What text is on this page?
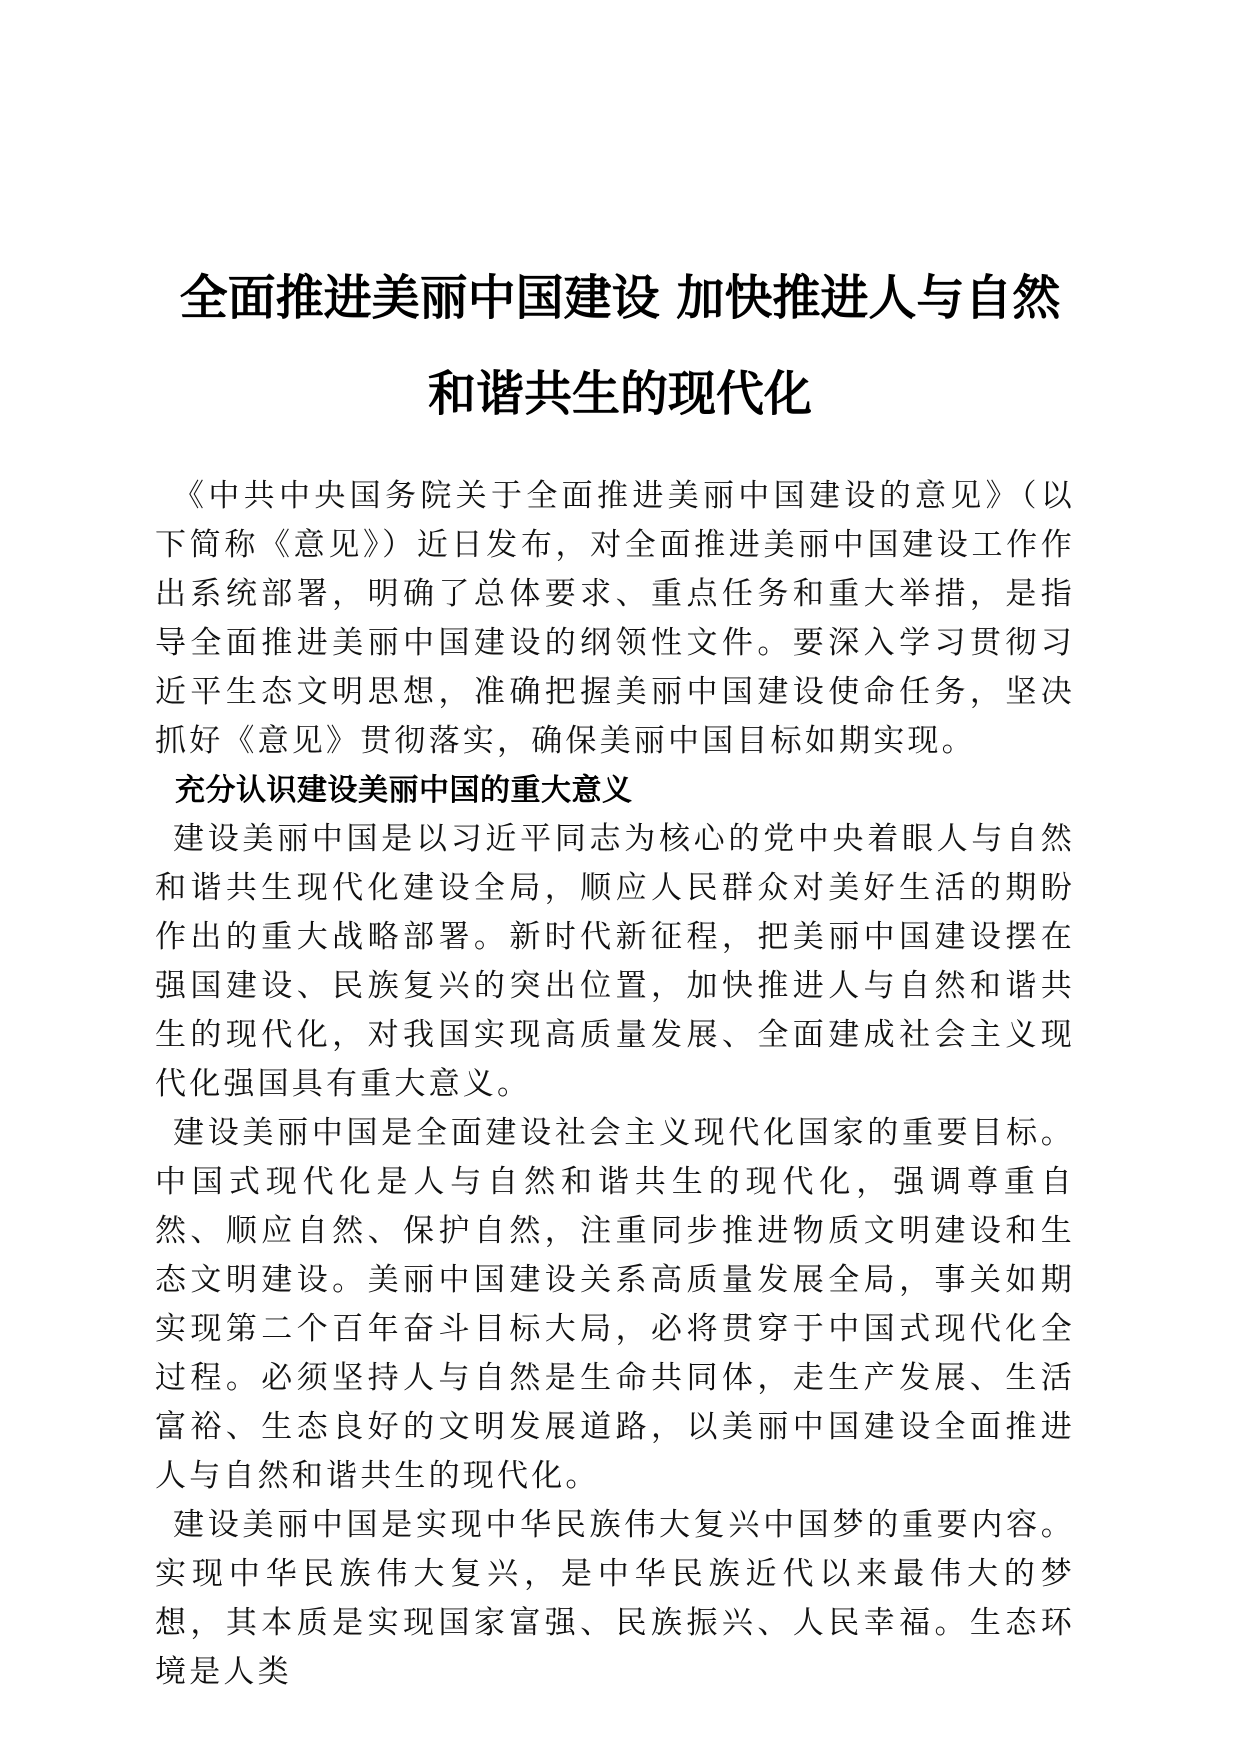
全面推进美丽中国建设 加快推进人与自然
和谐共生的现代化

《中共中央国务院关于全面推进美丽中国建设的意见》（以下简称《意见》）近日发布，对全面推进美丽中国建设工作作出系统部署，明确了总体要求、重点任务和重大举措，是指导全面推进美丽中国建设的纲领性文件。要深入学习贯彻习近平生态文明思想，准确把握美丽中国建设使命任务，坚决抓好《意见》贯彻落实，确保美丽中国目标如期实现。

充分认识建设美丽中国的重大意义

建设美丽中国是以习近平同志为核心的党中央着眼人与自然和谐共生现代化建设全局，顺应人民群众对美好生活的期盼作出的重大战略部署。新时代新征程，把美丽中国建设摆在强国建设、民族复兴的突出位置，加快推进人与自然和谐共生的现代化，对我国实现高质量发展、全面建成社会主义现代化强国具有重大意义。

建设美丽中国是全面建设社会主义现代化国家的重要目标。中国式现代化是人与自然和谐共生的现代化，强调尊重自然、顺应自然、保护自然，注重同步推进物质文明建设和生态文明建设。美丽中国建设关系高质量发展全局，事关如期实现第二个百年奋斗目标大局，必将贯穿于中国式现代化全过程。必须坚持人与自然是生命共同体，走生产发展、生活富裕、生态良好的文明发展道路，以美丽中国建设全面推进人与自然和谐共生的现代化。

建设美丽中国是实现中华民族伟大复兴中国梦的重要内容。实现中华民族伟大复兴，是中华民族近代以来最伟大的梦想，其本质是实现国家富强、民族振兴、人民幸福。生态环境是人类
